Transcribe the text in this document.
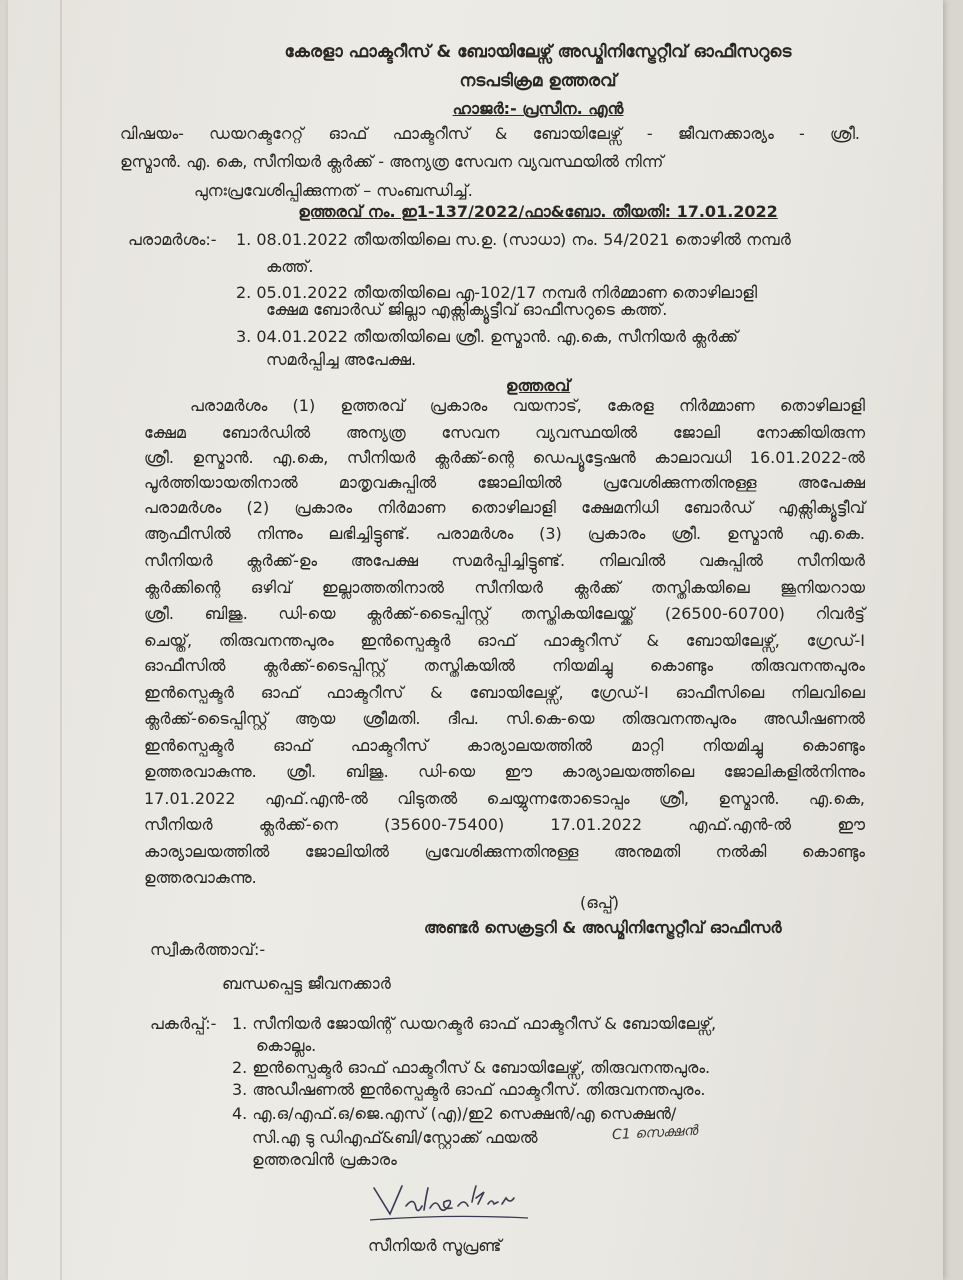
കേരളാ ഫാക്ടറീസ് & ബോയിലേഴ്സ് അഡ്മിനിസ്ട്രേറ്റീവ് ഓഫീസറുടെ
നടപടിക്രമ ഉത്തരവ്
ഹാജർ:- പ്രസീന. എൻ
വിഷയം- ഡയറക്ടറേറ്റ് ഓഫ് ഫാക്ടറീസ് & ബോയിലേഴ്സ് - ജീവനക്കാര്യം - ശ്രീ.
ഉസ്മാൻ. എ. കെ, സീനിയർ ക്ലർക്ക് - അന്യത്ര സേവന വ്യവസ്ഥയിൽ നിന്ന്
പുനഃപ്രവേശിപ്പിക്കുന്നത് – സംബന്ധിച്ച്.
ഉത്തരവ് നം. ഇ1-137/2022/ഫാ&ബോ. തീയതി: 17.01.2022
പരാമർശം:- 1. 08.01.2022 തീയതിയിലെ സ.ഉ. (സാധാ) നം. 54/2021 തൊഴിൽ നമ്പർ
കത്ത്.
2. 05.01.2022 തീയതിയിലെ എ-102/17 നമ്പർ നിർമ്മാണ തൊഴിലാളി
ക്ഷേമ ബോർഡ് ജില്ലാ എക്സിക്യൂട്ടീവ് ഓഫീസറുടെ കത്ത്.
3. 04.01.2022 തീയതിയിലെ ശ്രീ. ഉസ്മാൻ. എ.കെ, സീനിയർ ക്ലർക്ക്
സമർപ്പിച്ച അപേക്ഷ.
ഉത്തരവ്
പരാമർശം (1) ഉത്തരവ് പ്രകാരം വയനാട്, കേരള നിർമ്മാണ തൊഴിലാളി
ക്ഷേമ ബോർഡിൽ അന്യത്ര സേവന വ്യവസ്ഥയിൽ ജോലി നോക്കിയിരുന്ന
ശ്രീ. ഉസ്മാൻ. എ.കെ, സീനിയർ ക്ലർക്ക്-ന്റെ ഡെപ്യൂട്ടേഷൻ കാലാവധി 16.01.2022-ൽ
പൂർത്തിയായതിനാൽ മാതൃവകുപ്പിൽ ജോലിയിൽ പ്രവേശിക്കുന്നതിനുള്ള അപേക്ഷ
പരാമർശം (2) പ്രകാരം നിർമാണ തൊഴിലാളി ക്ഷേമനിധി ബോർഡ് എക്സിക്യൂട്ടീവ്
ആഫീസിൽ നിന്നും ലഭിച്ചിട്ടുണ്ട്. പരാമർശം (3) പ്രകാരം ശ്രീ. ഉസ്മാൻ എ.കെ.
സീനിയർ ക്ലർക്ക്-ഉം അപേക്ഷ സമർപ്പിച്ചിട്ടുണ്ട്. നിലവിൽ വകുപ്പിൽ സീനിയർ
ക്ലർക്കിന്റെ ഒഴിവ് ഇല്ലാത്തതിനാൽ സീനിയർ ക്ലർക്ക് തസ്തികയിലെ ജൂനിയറായ
ശ്രീ. ബിജു. ഡി-യെ ക്ലർക്ക്-ടൈപ്പിസ്റ്റ് തസ്തികയിലേയ്ക്ക് (26500-60700) റിവർട്ട്
ചെയ്ത്, തിരുവനന്തപുരം ഇൻസ്പെക്ടർ ഓഫ് ഫാക്ടറീസ് & ബോയിലേഴ്സ്, ഗ്രേഡ്-I
ഓഫീസിൽ ക്ലർക്ക്-ടൈപ്പിസ്റ്റ് തസ്തികയിൽ നിയമിച്ചു കൊണ്ടും തിരുവനന്തപുരം
ഇൻസ്പെക്ടർ ഓഫ് ഫാക്ടറീസ് & ബോയിലേഴ്സ്, ഗ്രേഡ്-I ഓഫീസിലെ നിലവിലെ
ക്ലർക്ക്-ടൈപ്പിസ്റ്റ് ആയ ശ്രീമതി. ദീപ. സി.കെ-യെ തിരുവനന്തപുരം അഡീഷണൽ
ഇൻസ്പെക്ടർ ഓഫ് ഫാക്ടറീസ് കാര്യാലയത്തിൽ മാറ്റി നിയമിച്ചു കൊണ്ടും
ഉത്തരവാകുന്നു. ശ്രീ. ബിജു. ഡി-യെ ഈ കാര്യാലയത്തിലെ ജോലികളിൽനിന്നും
17.01.2022 എഫ്.എൻ-ൽ വിടുതൽ ചെയ്യുന്നതോടൊപ്പം ശ്രീ, ഉസ്മാൻ. എ.കെ,
സീനിയർ ക്ലർക്ക്-നെ (35600-75400) 17.01.2022 എഫ്.എൻ-ൽ ഈ
കാര്യാലയത്തിൽ ജോലിയിൽ പ്രവേശിക്കുന്നതിനുള്ള അനുമതി നൽകി കൊണ്ടും
ഉത്തരവാകുന്നു.
(ഒപ്പ്)
അണ്ടർ സെക്രട്ടറി & അഡ്മിനിസ്ട്രേറ്റീവ് ഓഫീസർ
സ്വീകർത്താവ്:-
ബന്ധപ്പെട്ട ജീവനക്കാർ
പകർപ്പ്:- 1. സീനിയർ ജോയിന്റ് ഡയറക്ടർ ഓഫ് ഫാക്ടറീസ് & ബോയിലേഴ്സ്,
കൊല്ലം.
2. ഇൻസ്പെക്ടർ ഓഫ് ഫാക്ടറീസ് & ബോയിലേഴ്സ്, തിരുവനന്തപുരം.
3. അഡീഷണൽ ഇൻസ്പെക്ടർ ഓഫ് ഫാക്ടറീസ്. തിരുവനന്തപുരം.
4. എ.ഒ/എഫ്.ഒ/ജെ.എസ് (എ)/ഇ2 സെക്ഷൻ/എ സെക്ഷൻ/
സി.എ ടു ഡിഎഫ്&ബി/സ്റ്റോക്ക് ഫയൽ
ഉത്തരവിൻ പ്രകാരം
C1 സെക്ഷൻ
സീനിയർ സൂപ്രണ്ട്
